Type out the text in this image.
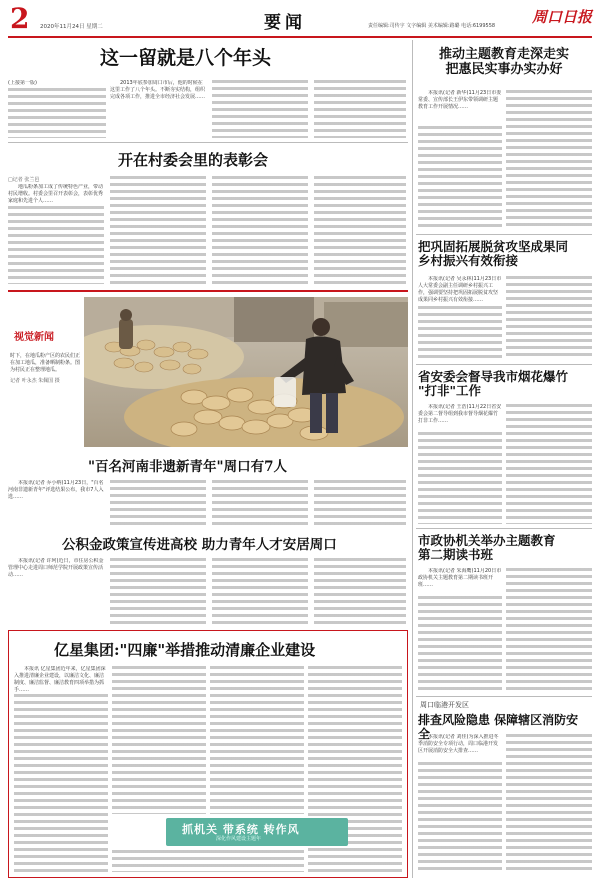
2 2020年11月24日 星期二	要闻	责任编辑:司传宇 文字编辑 美术编辑:路璐 电话:6199558	周口日报
这一留就是八个年头
(上接第一版)	2013年底参加周口市后，他的时候在这里工作了八个年头。不断夯实结构，组织完成各项工作，推进全市经济社会发展……

开在村委会里的表彰会
□记者 张兰邑

地瓜粉条加工成了传统特色产业，带动村民增收。村委会里召开表彰会，表彰优秀家庭和先进个人……

视觉新闻
时下，在地瓜粉产区的农民们正在加工地瓜，准备晒制粉条。图为村民正在整理地瓜。
记者 叶永杰 朱佩国 摄
"百名河南非遗新青年"周口有7人

本报讯(记者 乔小纳)11月23日，"百名河南非遗新青年"评选结果公布，我市7人入选……

公积金政策宣传进高校 助力青年人才安居周口

本报讯(记者 许珂)近日，市住房公积金管理中心走进周口师范学院开展政策宣传活动……

亿星集团:"四廉"举措推动清廉企业建设

本报讯 亿星集团近年来，亿星集团深入推进清廉企业建设，以廉洁文化、廉洁制度、廉洁监督、廉洁教育四项举措为抓手……

抓机关 带系统 转作风
深化作风建设主题年
推动主题教育走深走实
把惠民实事办实办好

本报讯(记者 新华)11月23日市委常委、宣传部长王伊东带领调研主题教育工作开展情况……

把巩固拓展脱贫攻坚成果同
乡村振兴有效衔接

本报讯(记者 吴永林)11月23日市人大常委会副主任调研乡村振兴工作，强调要坚持把巩固拓展脱贫攻坚成果同乡村振兴有效衔接……

省安委会督导我市烟花爆竹
"打非"工作

本报讯(记者 王浩)11月22日省安委会第二督导组到我市督导烟花爆竹打非工作……

市政协机关举办主题教育
第二期读书班

本报讯(记者 朱海鹰)11月20日市政协机关主题教育第二期读书班开班……

周口临港开发区
排查风险隐患 保障辖区消防安全

本报讯(记者 刘佳)为深入推进冬季消防安全专项行动，周口临港开发区开展消防安全大排查……
